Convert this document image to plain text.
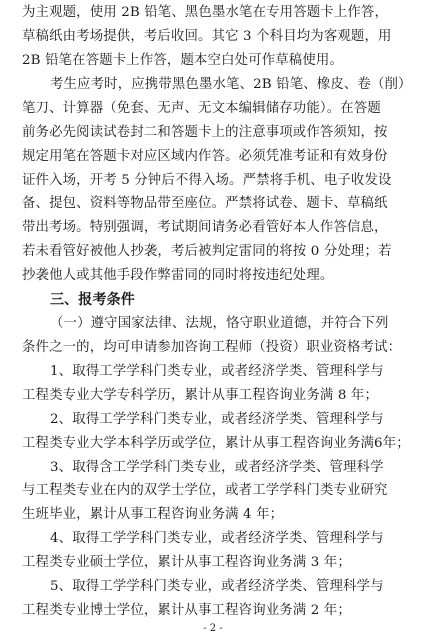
为主观题，使用 2B 铅笔、黑色墨水笔在专用答题卡上作答，
草稿纸由考场提供，考后收回。其它 3 个科目均为客观题，用
2B 铅笔在答题卡上作答，题本空白处可作草稿使用。
考生应考时，应携带黑色墨水笔、2B 铅笔、橡皮、卷（削）
笔刀、计算器（免套、无声、无文本编辑储存功能）。在答题
前务必先阅读试卷封二和答题卡上的注意事项或作答须知，按
规定用笔在答题卡对应区域内作答。必须凭准考证和有效身份
证件入场，开考 5 分钟后不得入场。严禁将手机、电子收发设
备、提包、资料等物品带至座位。严禁将试卷、题卡、草稿纸
带出考场。特别强调，考试期间请务必看管好本人作答信息，
若未看管好被他人抄袭，考后被判定雷同的将按 0 分处理；若
抄袭他人或其他手段作弊雷同的同时将按违纪处理。
三、报考条件
（一）遵守国家法律、法规，恪守职业道德，并符合下列
条件之一的，均可申请参加咨询工程师（投资）职业资格考试：
1、取得工学学科门类专业，或者经济学类、管理科学与
工程类专业大学专科学历，累计从事工程咨询业务满 8 年；
2、取得工学学科门类专业，或者经济学类、管理科学与
工程类专业大学本科学历或学位，累计从事工程咨询业务满6年；
3、取得含工学学科门类专业，或者经济学类、管理科学
与工程类专业在内的双学士学位，或者工学学科门类专业研究
生班毕业，累计从事工程咨询业务满 4 年；
4、取得工学学科门类专业，或者经济学类、管理科学与
工程类专业硕士学位，累计从事工程咨询业务满 3 年；
5、取得工学学科门类专业，或者经济学类、管理科学与
工程类专业博士学位，累计从事工程咨询业务满 2 年；
- 2 -
